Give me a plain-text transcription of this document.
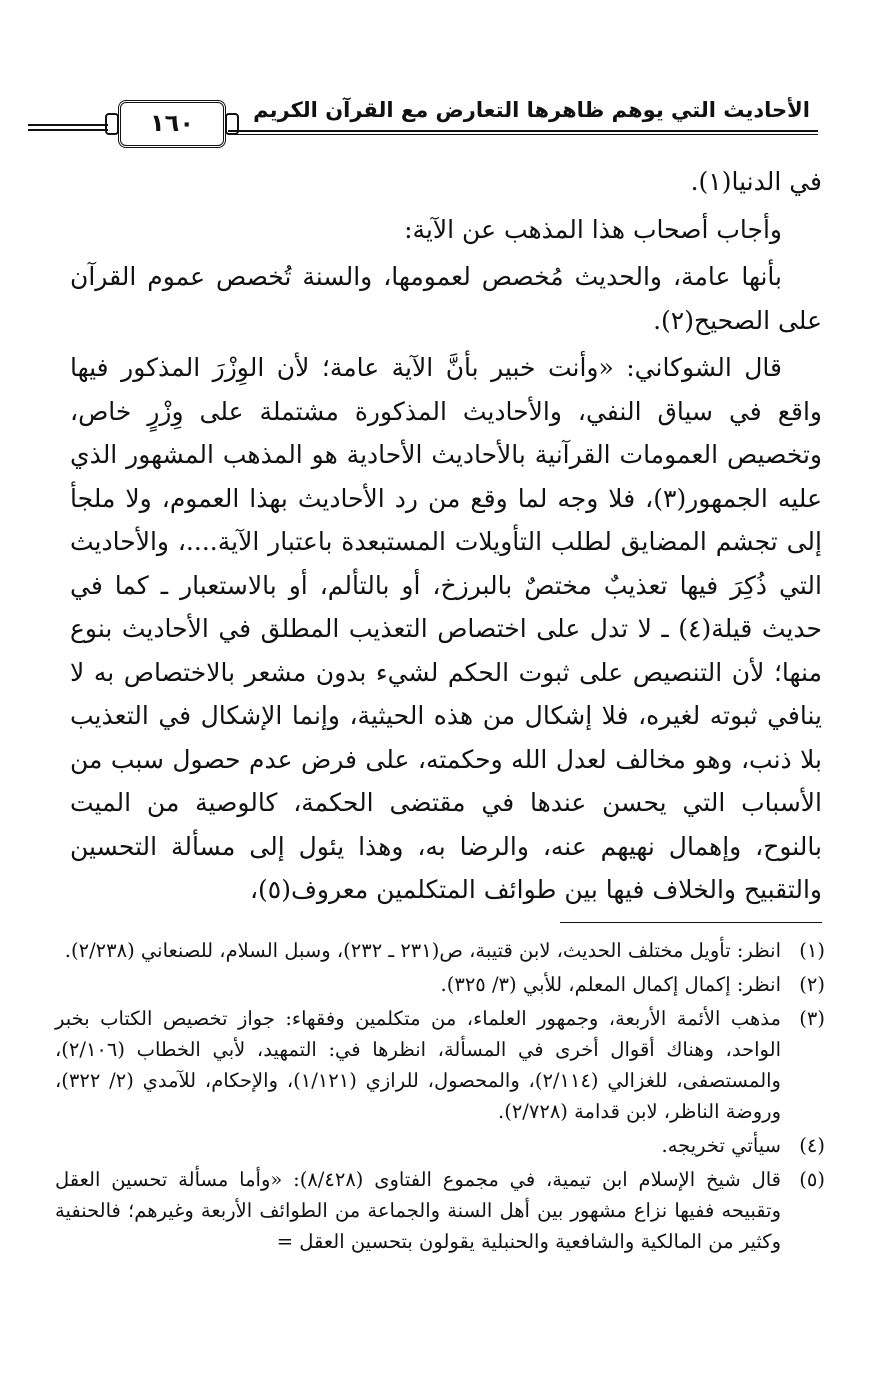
الأحاديث التي يوهم ظاهرها التعارض مع القرآن الكريم
١٦٠

في الدنيا(١).

وأجاب أصحاب هذا المذهب عن الآية:

بأنها عامة، والحديث مُخصص لعمومها، والسنة تُخصص عموم القرآن على الصحيح(٢).

قال الشوكاني: «وأنت خبير بأنَّ الآية عامة؛ لأن الوِزْرَ المذكور فيها واقع في سياق النفي، والأحاديث المذكورة مشتملة على وِزْرٍ خاص، وتخصيص العمومات القرآنية بالأحاديث الأحادية هو المذهب المشهور الذي عليه الجمهور(٣)، فلا وجه لما وقع من رد الأحاديث بهذا العموم، ولا ملجأ إلى تجشم المضايق لطلب التأويلات المستبعدة باعتبار الآية....، والأحاديث التي ذُكِرَ فيها تعذيبٌ مختصٌ بالبرزخ، أو بالتألم، أو بالاستعبار ـ كما في حديث قيلة(٤) ـ لا تدل على اختصاص التعذيب المطلق في الأحاديث بنوع منها؛ لأن التنصيص على ثبوت الحكم لشيء بدون مشعر بالاختصاص به لا ينافي ثبوته لغيره، فلا إشكال من هذه الحيثية، وإنما الإشكال في التعذيب بلا ذنب، وهو مخالف لعدل الله وحكمته، على فرض عدم حصول سبب من الأسباب التي يحسن عندها في مقتضى الحكمة، كالوصية من الميت بالنوح، وإهمال نهيهم عنه، والرضا به، وهذا يئول إلى مسألة التحسين والتقبيح والخلاف فيها بين طوائف المتكلمين معروف(٥)،

(١)
انظر: تأويل مختلف الحديث، لابن قتيبة، ص(٢٣١ ـ ٢٣٢)، وسبل السلام، للصنعاني (٢/٢٣٨).
(٢)
انظر: إكمال إكمال المعلم، للأبي (٣/ ٣٢٥).
(٣)
مذهب الأئمة الأربعة، وجمهور العلماء، من متكلمين وفقهاء: جواز تخصيص الكتاب بخبر الواحد، وهناك أقوال أخرى في المسألة، انظرها في: التمهيد، لأبي الخطاب (٢/١٠٦)، والمستصفى، للغزالي (٢/١١٤)، والمحصول، للرازي (١/١٢١)، والإحكام، للآمدي (٢/ ٣٢٢)، وروضة الناظر، لابن قدامة (٢/٧٢٨).
(٤)
سيأتي تخريجه.
(٥)
قال شيخ الإسلام ابن تيمية، في مجموع الفتاوى (٨/٤٢٨): «وأما مسألة تحسين العقل وتقبيحه ففيها نزاع مشهور بين أهل السنة والجماعة من الطوائف الأربعة وغيرهم؛ فالحنفية وكثير من المالكية والشافعية والحنبلية يقولون بتحسين العقل =
